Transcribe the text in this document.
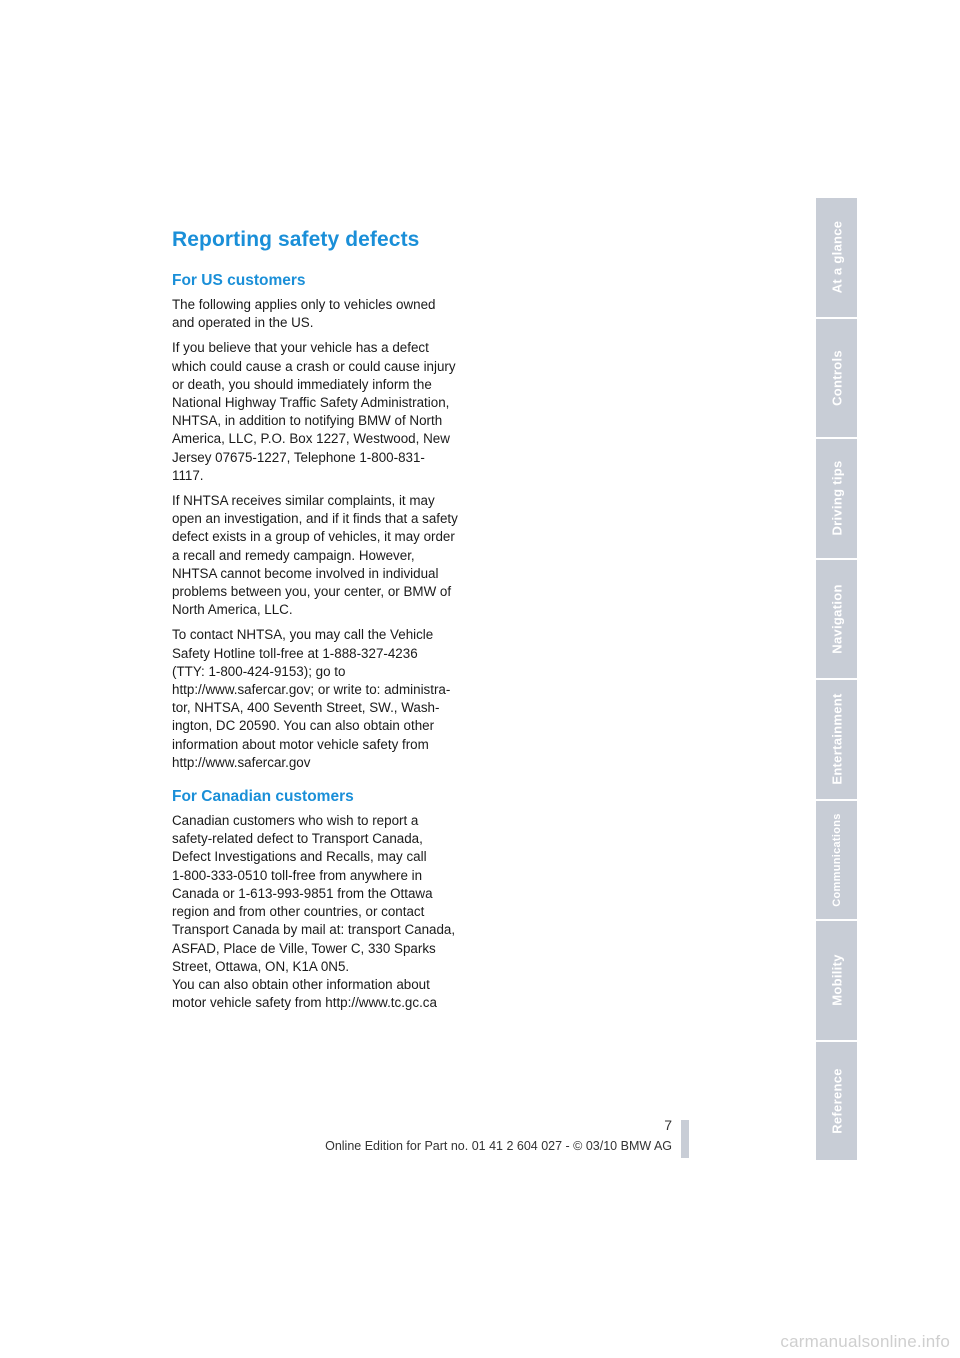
Reporting safety defects
For US customers
The following applies only to vehicles owned
and operated in the US.
If you believe that your vehicle has a defect
which could cause a crash or could cause injury
or death, you should immediately inform the
National Highway Traffic Safety Administration,
NHTSA, in addition to notifying BMW of North
America, LLC, P.O. Box 1227, Westwood, New
Jersey 07675-1227, Telephone 1-800-831-
1117.
If NHTSA receives similar complaints, it may
open an investigation, and if it finds that a safety
defect exists in a group of vehicles, it may order
a recall and remedy campaign. However,
NHTSA cannot become involved in individual
problems between you, your center, or BMW of
North America, LLC.
To contact NHTSA, you may call the Vehicle
Safety Hotline toll-free at 1-888-327-4236
(TTY: 1-800-424-9153); go to
http://www.safercar.gov; or write to: administra-
tor, NHTSA, 400 Seventh Street, SW., Wash-
ington, DC 20590. You can also obtain other
information about motor vehicle safety from
http://www.safercar.gov
For Canadian customers
Canadian customers who wish to report a
safety-related defect to Transport Canada,
Defect Investigations and Recalls, may call
1-800-333-0510 toll-free from anywhere in
Canada or 1-613-993-9851 from the Ottawa
region and from other countries, or contact
Transport Canada by mail at: transport Canada,
ASFAD, Place de Ville, Tower C, 330 Sparks
Street, Ottawa, ON, K1A 0N5.
You can also obtain other information about
motor vehicle safety from http://www.tc.gc.ca
At a glance
Controls
Driving tips
Navigation
Entertainment
Communications
Mobility
Reference
7
Online Edition for Part no. 01 41 2 604 027 - © 03/10 BMW AG
carmanualsonline.info
